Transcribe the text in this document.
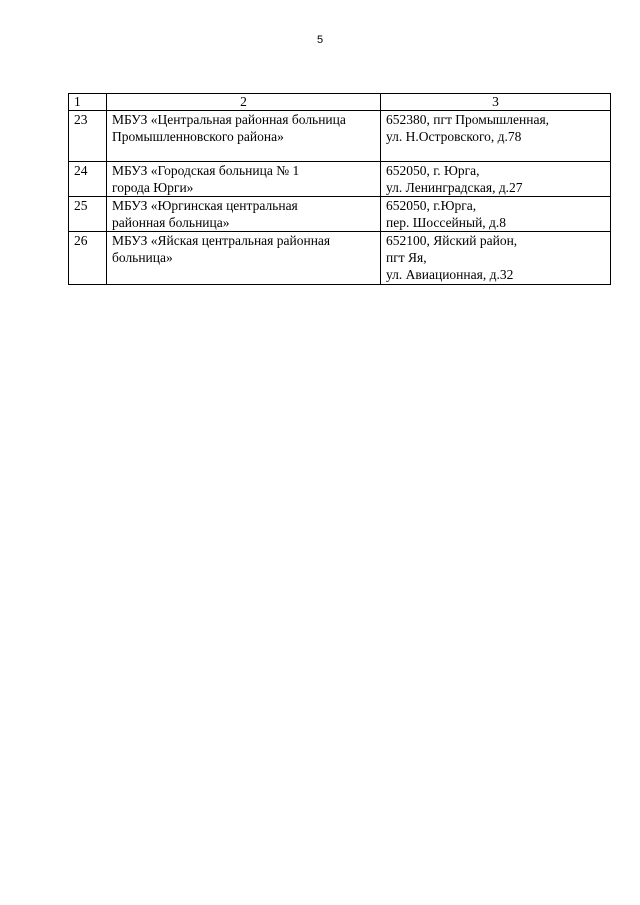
5
1	2	3
23	МБУЗ «Центральная районная больница
Промышленновского района»	652380, пгт Промышленная,
ул. Н.Островского, д.78

24	МБУЗ «Городская больница № 1
города Юрги»	652050, г. Юрга,
ул. Ленинградская, д.27

25	МБУЗ «Юргинская центральная
районная больница»	652050, г.Юрга,
пер. Шоссейный, д.8

26	МБУЗ «Яйская центральная районная
больница»	652100, Яйский район,
пгт Яя,
ул. Авиационная, д.32
